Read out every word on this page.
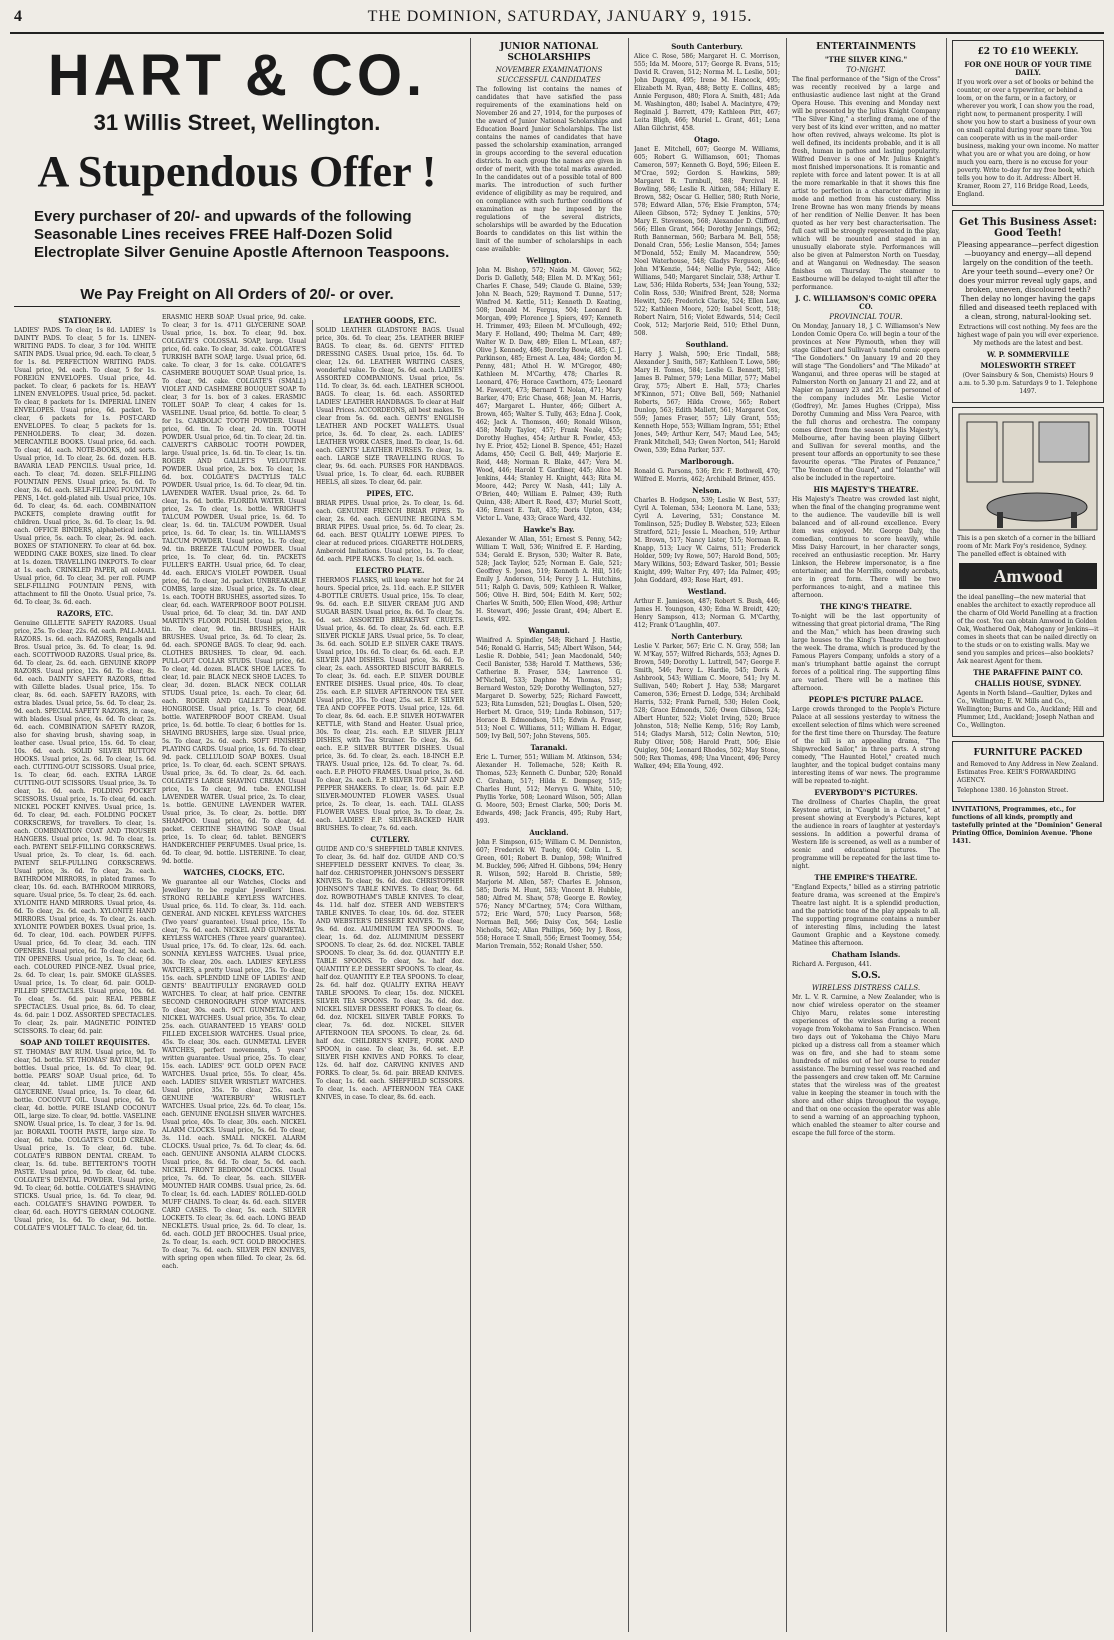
4	THE DOMINION, SATURDAY, JANUARY 9, 1915.
HART & CO.
31 Willis Street, Wellington.
A Stupendous Offer !
Every purchaser of 20/- and upwards of the following Seasonable Lines receives FREE Half-Dozen Solid Electroplate Silver Genuine Apostle Afternoon Teaspoons.
We Pay Freight on All Orders of 20/- or over.
STATIONERY.

LADIES' PADS. To clear, 1s 8d. LADIES' 1s DAINTY PADS. To clear, 5 for 1s. LINEN-WRITING PADS. To clear, 3 for 10d. WHITE SATIN PADS. Usual price, 9d. each. To clear, 5 for 1s. 8d. PERFECTION WRITING PADS. Usual price, 9d. each. To clear, 5 for 1s. FOREIGN ENVELOPES. Usual price, 4d. packet. To clear, 6 packets for 1s. HEAVY LINEN ENVELOPES. Usual price, 5d. packet. To clear, 8 packets for 1s. IMPERIAL LINEN ENVELOPES. Usual price, 6d. packet. To clear, 6 packets for 1s. POST-CARD ENVELOPES. To clear, 5 packets for 1s. PENHOLDERS. To clear, 3d. dozen. MERCANTILE BOOKS. Usual price, 6d. each. To clear, 4d. each. NOTE-BOOKS, odd sorts. Usual price, 1d. To clear, 2s. 6d. dozen. H.B. BAVARIA LEAD PENCILS. Usual price, 1d. each. To clear, 7d. dozen. SELF-FILLING FOUNTAIN PENS. Usual price, 5s. 6d. To clear, 3s. 6d. each. SELF-FILLING FOUNTAIN PENS, 14ct. gold-plated nib. Usual price, 10s. 6d. To clear, 4s. 6d. each. COMBINATION PACKETS, complete drawing outfit for children. Usual price, 3s. 6d. To clear, 1s. 9d. each. OFFICE BINDERS, alphabetical index. Usual price, 5s. each. To clear, 2s. 9d. each. BOXES OF STATIONERY. To clear at 6d. box. WEDDING CAKE BOXES, size lined. To clear at 1s. dozen. TRAVELLING INKPOTS. To clear at 1s. each. CRINKLED PAPER, all colours. Usual price, 6d. To clear, 3d. per roll. PUMP SELF-FILLING FOUNTAIN PENS, with attachment to fill the Onoto. Usual price, 7s. 6d. To clear, 3s. 6d. each.

RAZORS, ETC.

Genuine GILLETTE SAFETY RAZORS. Usual price, 25s. To clear, 22s. 6d. each. PALL-MALL RAZORS. 1s. 6d. each. RAZORS, Rengalls and Bros. Usual price, 3s. 6d. To clear, 1s. 9d. each. SCOTTWOOD RAZORS. Usual price, 8s. 6d. To clear, 2s. 6d. each. GENUINE KROPP RAZORS. Usual price, 12s. 6d. To clear, 8s. 6d. each. DAINTY SAFETY RAZORS, fitted with Gillette blades. Usual price, 15s. To clear, 8s. 6d. each. SAFETY RAZORS, with extra blades. Usual price, 5s. 6d. To clear, 2s. 9d. each. SPECIAL SAFETY RAZORS, in case, with blades. Usual price, 4s. 6d. To clear, 2s. 6d. each. COMBINATION SAFETY RAZOR, also for shaving brush, shaving soap, in leather case. Usual price, 15s. 6d. To clear, 10s. 6d. each. SOLID SILVER BUTTON HOOKS. Usual price, 2s. 6d. To clear, 1s. 6d. each. CUTTING-OUT SCISSORS. Usual price, 1s. To clear, 6d. each. EXTRA LARGE CUTTING-OUT SCISSORS. Usual price, 3s. To clear, 1s. 6d. each. FOLDING POCKET SCISSORS. Usual price, 1s. To clear, 6d. each. NICKEL POCKET KNIVES. Usual price, 1s. 6d. To clear, 9d. each. FOLDING POCKET CORKSCREWS, for travellers. To clear, 1s. each. COMBINATION COAT AND TROUSER HANGERS. Usual price, 1s. 9d. To clear, 1s. each. PATENT SELF-FILLING CORKSCREWS. Usual price, 2s. To clear, 1s. 6d. each. PATENT SELF-PULLING CORKSCREWS. Usual price, 3s. 6d. To clear, 2s. each. BATHROOM MIRRORS, in plated frames. To clear, 10s. 6d. each. BATHROOM MIRRORS, square. Usual price, 5s. To clear, 2s. 6d. each. XYLONITE HAND MIRRORS. Usual price, 4s. 6d. To clear, 2s. 6d. each. XYLONITE HAND MIRRORS. Usual price, 4s. To clear, 2s. each. XYLONITE POWDER BOXES. Usual price, 1s. 6d. To clear, 10d. each. POWDER PUFFS. Usual price, 6d. To clear, 3d. each. TIN OPENERS. Usual price, 6d. To clear, 3d. each. TIN OPENERS. Usual price, 1s. To clear, 6d. each. COLOURED PINCE-NEZ. Usual price, 2s. 6d. To clear, 1s. pair. SMOKE GLASSES. Usual price, 1s. To clear, 6d. pair. GOLD-FILLED SPECTACLES. Usual price, 10s. 6d. To clear, 5s. 6d. pair. REAL PEBBLE SPECTACLES. Usual price, 8s. 6d. To clear, 4s. 6d. pair. 1 DOZ. ASSORTED SPECTACLES. To clear, 2s. pair. MAGNETIC POINTED SCISSORS. To clear, 6d. pair.

SOAP AND TOILET REQUISITES.

ST. THOMAS' BAY RUM. Usual price, 9d. To clear, 5d. bottle. ST. THOMAS' BAY RUM, 1pt. bottles. Usual price, 1s. 6d. To clear, 9d. bottle. PEARS' SOAP. Usual price, 6d. To clear, 4d. tablet. LIME JUICE AND GLYCERINE. Usual price, 1s. To clear, 6d. bottle. COCONUT OIL. Usual price, 6d. To clear, 4d. bottle. PURE ISLAND COCONUT OIL, large size. To clear, 9d. bottle. VASELINE SNOW. Usual price, 1s. To clear, 3 for 1s. 9d. jar. BORAXIL TOOTH PASTE, large size. To clear, 6d. tube. COLGATE'S COLD CREAM. Usual price, 1s. To clear, 6d. tube. COLGATE'S RIBBON DENTAL CREAM. To clear, 1s. 6d. tube. BETTERTON'S TOOTH PASTE. Usual price, 9d. To clear, 6d. tube. COLGATE'S DENTAL POWDER. Usual price, 9d. To clear, 6d. bottle. COLGATE'S SHAVING STICKS. Usual price, 1s. 6d. To clear, 9d. each. COLGATE'S SHAVING POWDER. To clear, 6d. each. HOYT'S GERMAN COLOGNE. Usual price, 1s. 6d. To clear, 9d. bottle. COLGATE'S VIOLET TALC. To clear, 6d. tin.

ERASMIC HERB SOAP. Usual price, 9d. cake. To clear, 3 for 1s. 4711 GLYCERINE SOAP. Usual price, 1s. box. To clear, 9d. box. COLGATE'S COLOSSAL SOAP, large. Usual price, 6d. cake. To clear, 3d. cake. COLGATE'S TURKISH BATH SOAP, large. Usual price, 6d. cake. To clear, 3 for 1s. cake. COLGATE'S CASHMERE BOUQUET SOAP. Usual price, 1s. To clear, 9d. cake. COLGATE'S (SMALL) VIOLET AND CASHMERE BOUQUET SOAP. To clear, 3 for 1s. box of 3 cakes. ERASMIC TOILET SOAP. To clear, 4 cakes for 1s. VASELINE. Usual price, 6d. bottle. To clear, 5 for 1s. CARBOLIC TOOTH POWDER. Usual price, 6d. tin. To clear, 2d. tin. TOOTH POWDER. Usual price, 6d. tin. To clear, 2d. tin. CALVERT'S CARBOLIC TOOTH POWDER, large. Usual price, 1s. 6d. tin. To clear, 1s. tin. ROGER AND GALLET'S VELOUTINE POWDER. Usual price, 2s. box. To clear, 1s. 6d. box. COLGATE'S DACTYLIS TALC POWDER. Usual price, 1s. 6d. To clear, 9d. tin. LAVENDER WATER. Usual price, 2s. 6d. To clear, 1s. 6d. bottle. FLORIDA WATER. Usual price, 2s. To clear, 1s. bottle. WRIGHT'S TALCUM POWDER. Usual price, 1s. 6d. To clear, 1s. 6d. tin. TALCUM POWDER. Usual price, 1s. 6d. To clear, 1s. tin. WILLIAMS'S TALCUM POWDER. Usual price, 1s. To clear, 9d. tin. BREEZE TALCUM POWDER. Usual price, 1s. To clear, 6d. tin. PACKETS FULLER'S EARTH. Usual price, 6d. To clear, 4d. each. ERICA'S VIOLET POWDER. Usual price, 6d. To clear, 3d. packet. UNBREAKABLE COMBS, large size. Usual price, 2s. To clear, 1s. each. TOOTH BRUSHES, assorted sizes. To clear, 6d. each. WATERPROOF BOOT POLISH. Usual price, 6d. To clear, 3d. tin. DAY AND MARTIN'S FLOOR POLISH. Usual price, 1s. tin. To clear, 9d. tin. BRUSHES, HAIR BRUSHES. Usual price, 3s. 6d. To clear, 2s. 6d. each. SPONGE BAGS. To clear, 9d. each. CLOTHES BRUSHES. To clear, 9d. each. PULL-OUT COLLAR STUDS. Usual price, 6d. To clear, 4d. dozen. BLACK SHOE LACES. To clear, 1d. pair. BLACK NECK SHOE LACES. To clear, 3d. dozen. BLACK NECK COLLAR STUDS. Usual price, 1s. each. To clear, 6d. each. ROGER AND GALLET'S POMADE HONGROISE. Usual price, 1s. To clear, 6d. bottle. WATERPROOF BOOT CREAM. Usual price, 1s. 6d. bottle. To clear, 6 bottles for 1s. SHAVING BRUSHES, large size. Usual price, 5s. To clear, 2s. 6d. each. SOFT FINISHED PLAYING CARDS. Usual price, 1s. 6d. To clear, 9d. pack. CELLULOID SOAP BOXES. Usual price, 1s. To clear, 6d. each. SCENT SPRAYS. Usual price, 3s. 6d. To clear, 2s. 6d. each. COLGATE'S LARGE SHAVING CREAM. Usual price, 1s. To clear, 9d. tube. ENGLISH LAVENDER WATER. Usual price, 2s. To clear, 1s. bottle. GENUINE LAVENDER WATER. Usual price, 3s. To clear, 2s. bottle. DRY SHAMPOO. Usual price, 6d. To clear, 4d. packet. CERTINE SHAVING SOAP. Usual price, 1s. To clear, 6d. tablet. BENGER'S HANDKERCHIEF PERFUMES. Usual price, 1s. 6d. To clear, 9d. bottle. LISTERINE. To clear, 9d. bottle.

WATCHES, CLOCKS, ETC.

We guarantee all our Watches, Clocks and Jewellery to be regular Jewellers' lines. STRONG RELIABLE KEYLESS WATCHES. Usual price, 6s. 11d. To clear, 3s. 11d. each. GENERAL AND NICKEL KEYLESS WATCHES (Two years' guarantee). Usual price, 15s. To clear, 7s. 6d. each. NICKEL AND GUNMETAL KEYLESS WATCHES (Three years' guarantee). Usual price, 17s. 6d. To clear, 12s. 6d. each. SONNIA KEYLESS WATCHES. Usual price, 30s. To clear, 20s. each. LADIES' KEYLESS WATCHES, a pretty Usual price, 25s. To clear, 15s. each. SPLENDID LINE OF LADIES' AND GENTS' BEAUTIFULLY ENGRAVED GOLD WATCHES. To clear, at half price. CENTRE SECOND CHRONOGRAPH STOP WATCHES. To clear, 30s. each. 9CT. GUNMETAL AND NICKEL WATCHES. Usual price, 35s. To clear, 25s. each. GUARANTEED 15 YEARS' GOLD FILLED EXCELSIOR WATCHES. Usual price, 45s. To clear, 30s. each. GUNMETAL LEVER WATCHES, perfect movements, 5 years' written guarantee. Usual price, 25s. To clear, 15s. each. LADIES' 9CT. GOLD OPEN FACE WATCHES. Usual price, 55s. To clear, 45s. each. LADIES' SILVER WRISTLET WATCHES. Usual price, 35s. To clear, 25s. each. GENUINE 'WATERBURY' WRISTLET WATCHES. Usual price, 22s. 6d. To clear, 15s. each. GENUINE ENGLISH SILVER WATCHES. Usual price, 40s. To clear, 30s. each. NICKEL ALARM CLOCKS. Usual price, 5s. 6d. To clear, 3s. 11d. each. SMALL NICKEL ALARM CLOCKS. Usual price, 7s. 6d. To clear, 4s. 6d. each. GENUINE ANSONIA ALARM CLOCKS. Usual price, 8s. 6d. To clear, 5s. 6d. each. NICKEL FRONT BEDROOM CLOCKS. Usual price, 7s. 6d. To clear, 5s. each. SILVER-MOUNTED HAIR COMBS. Usual price, 2s. 6d. To clear, 1s. 6d. each. LADIES' ROLLED-GOLD MUFF CHAINS. To clear, 4s. 6d. each. SILVER CARD CASES. To clear, 5s. each. SILVER LOCKETS. To clear, 3s. 6d. each. LONG BEAD NECKLETS. Usual price, 2s. 6d. To clear, 1s. 6d. each. GOLD JET BROOCHES. Usual price, 2s. To clear, 1s. each. 9CT. GOLD BROOCHES. To clear, 7s. 6d. each. SILVER PEN KNIVES, with spring open when filled. To clear, 2s. 6d. each.

LEATHER GOODS, ETC.

SOLID LEATHER GLADSTONE BAGS. Usual price, 30s. 6d. To clear, 25s. LEATHER BRIEF BAGS. To clear, 8s. 6d. GENTS' FITTED DRESSING CASES. Usual price, 15s. 6d. To clear, 12s. 6d. LEATHER WRITING CASES, wonderful value. To clear, 5s. 6d. each. LADIES' ASSORTED COMPANIONS. Usual price, 5s. 11d. To clear, 3s. 6d. each. LEATHER SCHOOL BAGS. To clear, 1s. 6d. each. ASSORTED LADIES' LEATHER HANDBAGS. To clear at Half Usual Prices. ACCORDEONS, all best makes. To clear from 5s. 6d. each. GENTS' ENGLISH LEATHER AND POCKET WALLETS. Usual price, 3s. 6d. To clear, 2s. each. LADIES' LEATHER WORK CASES, lined. To clear, 1s. 6d. each. GENTS' LEATHER PURSES. To clear, 1s. each. LARGE SIZE TRAVELLING RUGS. To clear, 9s. 6d. each. PURSES FOR HANDBAGS. Usual price, 1s. To clear, 6d. each. RUBBER HEELS, all sizes. To clear, 6d. pair.

PIPES, ETC.

BRIAR PIPES. Usual price, 2s. To clear, 1s. 6d. each. GENUINE FRENCH BRIAR PIPES. To clear, 2s. 6d. each. GENUINE REGINA S.M. BRIAR PIPES. Usual price, 5s. 6d. To clear, 2s. 6d. each. BEST QUALITY LOEWE PIPES. To clear at reduced prices. CIGARETTE HOLDERS, Amberoid Imitations. Usual price, 1s. To clear, 6d. each. PIPE RACKS. To clear, 1s. 6d. each.

ELECTRO PLATE.

THERMOS FLASKS, will keep water hot for 24 hours. Special price, 2s. 11d. each. E.P. SILVER 4-BOTTLE CRUETS. Usual price, 15s. To clear, 9s. 6d. each. E.P. SILVER CREAM JUG AND SUGAR BASIN. Usual price, 8s. 6d. To clear, 5s. 6d. set. ASSORTED BREAKFAST CRUETS. Usual price, 4s. 6d. To clear, 2s. 6d. each. E.P. SILVER PICKLE JARS. Usual price, 5s. To clear, 3s. 6d. each. SOLID E.P. SILVER CAKE TRAYS. Usual price, 10s. 6d. To clear, 6s. 6d. each. E.P. SILVER JAM DISHES. Usual price, 3s. 6d. To clear, 2s. each. ASSORTED BISCUIT BARRELS. To clear, 3s. 6d. each. E.P. SILVER DOUBLE ENTREE DISHES. Usual price, 40s. To clear, 25s. each. E.P. SILVER AFTERNOON TEA SET. Usual price, 35s. To clear, 25s. set. E.P. SILVER TEA AND COFFEE POTS. Usual price, 12s. 6d. To clear, 8s. 6d. each. E.P. SILVER HOT-WATER KETTLE, with Stand and Heater. Usual price, 30s. To clear, 21s. each. E.P. SILVER JELLY DISHES, with Tea Strainer. To clear, 3s. 6d. each. E.P. SILVER BUTTER DISHES. Usual price, 3s. 6d. To clear, 2s. each. 18-INCH E.P. TRAYS. Usual price, 12s. 6d. To clear, 7s. 6d. each. E.P. PHOTO FRAMES. Usual price, 3s. 6d. To clear, 2s. each. E.P. SILVER TOP SALT AND PEPPER SHAKERS. To clear, 1s. 6d. pair. E.P. SILVER-MOUNTED FLOWER VASES. Usual price, 2s. To clear, 1s. each. TALL GLASS FLOWER VASES. Usual price, 3s. To clear, 2s. each. LADIES' E.P. SILVER-BACKED HAIR BRUSHES. To clear, 7s. 6d. each.

CUTLERY.

GUIDE AND CO.'S SHEFFIELD TABLE KNIVES. To clear, 3s. 6d. half doz. GUIDE AND CO.'S SHEFFIELD DESSERT KNIVES. To clear, 3s. half doz. CHRISTOPHER JOHNSON'S DESSERT KNIVES. To clear, 9s. 6d. doz. CHRISTOPHER JOHNSON'S TABLE KNIVES. To clear, 9s. 6d. doz. ROWBOTHAM'S TABLE KNIVES. To clear, 4s. 11d. half doz. STEER AND WEBSTER'S TABLE KNIVES. To clear, 10s. 6d. doz. STEER AND WEBSTER'S DESSERT KNIVES. To clear, 9s. 6d. doz. ALUMINIUM TEA SPOONS. To clear, 1s. 6d. doz. ALUMINIUM DESSERT SPOONS. To clear, 2s. 6d. doz. NICKEL TABLE SPOONS. To clear, 3s. 6d. doz. QUANTITY E.P. TABLE SPOONS. To clear, 5s. half doz. QUANTITY E.P. DESSERT SPOONS. To clear, 4s. half doz. QUANTITY E.P. TEA SPOONS. To clear, 2s. 6d. half doz. QUALITY EXTRA HEAVY TABLE SPOONS. To clear, 15s. doz. NICKEL SILVER TEA SPOONS. To clear, 3s. 6d. doz. NICKEL SILVER DESSERT FORKS. To clear, 6s. 6d. doz. NICKEL SILVER TABLE FORKS. To clear, 7s. 6d. doz. NICKEL SILVER AFTERNOON TEA SPOONS. To clear, 2s. 6d. half doz. CHILDREN'S KNIFE, FORK AND SPOON, in case. To clear, 3s. 6d. set. E.P. SILVER FISH KNIVES AND FORKS. To clear, 12s. 6d. half doz. CARVING KNIVES AND FORKS. To clear, 5s. 6d. pair. BREAD KNIVES. To clear, 1s. 6d. each. SHEFFIELD SCISSORS. To clear, 1s. each. AFTERNOON TEA CAKE KNIVES, in case. To clear, 8s. 6d. each.

JUNIOR NATIONAL SCHOLARSHIPS
NOVEMBER EXAMINATIONS
SUCCESSFUL CANDIDATES

The following list contains the names of candidates that have satisfied the pass requirements of the examinations held on November 26 and 27, 1914, for the purposes of the award of Junior National Scholarships and Education Board Junior Scholarships. The list contains the names of candidates that have passed the scholarship examination, arranged in groups according to the several education districts. In each group the names are given in order of merit, with the total marks awarded. In the candidates out of a possible total of 800 marks. The introduction of such further evidence of eligibility as may be required, and on compliance with such further conditions of examination as may be imposed by the regulations of the several districts, scholarships will be awarded by the Education Boards to candidates on this list within the limit of the number of scholarships in each case available:

Wellington.

John M. Bishop, 572; Naida M. Glover, 562; Doris D. Galletly, 548; Ellen M. D. M'Kay, 561; Charles F. Chase, 549; Claude G. Blaine, 539; John N. Beach, 529; Raymond T. Dunne, 517; Winfred M. Kettle, 511; Kenneth D. Keating, 508; Donald M. Fergus, 504; Leonard R. Morgan, 499; Florence J. Spiers, 497; Kenneth H. Trimmer, 493; Eileen M. M'Cullough, 492; Mary F. Holland, 490; Thelma M. Carr, 489; Walter W. D. Daw, 489; Ellen L. M'Lean, 487; Olive J. Kennedy, 486; Dorothy Bowie, 485; C. J. Parkinson, 485; Ernest A. Lea, 484; Gordon M. Penny, 481; Athol H. W. M'Gregor, 480; Kathleen M. M'Carthy, 478; Charles R. Leonard, 476; Horace Cawthorn, 475; Leonard M. Fawcett, 473; Bernard T. Nolan, 471; Mary Barker, 470; Eric Chase, 468; Jean M. Harris, 467; Margaret L. Hunter, 466; Gilbert A. Brown, 465; Walter S. Tully, 463; Edna J. Cook, 462; Jack A. Thomson, 460; Ronald Wilson, 458; Molly Taylor, 457; Frank Neale, 455; Dorothy Hughes, 454; Arthur R. Fowler, 453; Ivy E. Prior, 452; Lionel B. Spence, 451; Hazel Adams, 450; Cecil G. Bell, 449; Marjorie E. Reid, 448; Norman R. Blake, 447; Vera M. Wood, 446; Harold T. Gardiner, 445; Alice M. Jenkins, 444; Stanley H. Knight, 443; Rita M. Moore, 442; Percy W. Nash, 441; Lily A. O'Brien, 440; William E. Palmer, 439; Ruth Quinn, 438; Albert R. Reed, 437; Muriel Scott, 436; Ernest E. Tait, 435; Doris Upton, 434; Victor L. Vane, 433; Grace Ward, 432.

Hawke's Bay.

Alexander W. Allan, 551; Ernest S. Penny, 542; William T. Wall, 536; Winifred E. F. Harding, 534; Gerald E. Bryson, 530; Walter R. Bate, 528; Jack Taylor, 525; Norman E. Gale, 521; Geoffrey S. Jones, 519; Kenneth A. Hill, 516; Emily J. Anderson, 514; Percy J. L. Hutchins, 511; Ralph G. Davis, 509; Kathleen R. Walker, 506; Olive H. Bird, 504; Edith M. Kerr, 502; Charles W. Smith, 500; Ellen Wood, 498; Arthur H. Stewart, 496; Jessie Grant, 494; Albert E. Lewis, 492.

Wanganui.

Winifred A. Spindler, 548; Richard J. Hastie, 546; Ronald G. Harris, 545; Albert Wilson, 544; Leslie R. Dobbie, 541; Jean Macdonald, 540; Cecil Banister, 538; Harold T. Matthews, 536; Catherine B. Fraser, 534; Lawrence G. M'Nicholl, 533; Daphne M. Thomas, 531; Bernard Weston, 529; Dorothy Wellington, 527; Margaret D. Sowerby, 525; Richard Fawcett, 523; Rita Lumsden, 521; Douglas L. Olsen, 520; Herbert M. Grace, 519; Linda Robinson, 517; Horace B. Edmondson, 515; Edwin A. Fraser, 513; Noel C. Williams, 511; William H. Edgar, 509; Ivy Bell, 507; John Stevens, 505.

Taranaki.

Eric L. Turner, 551; William M. Atkinson, 534; Alexander H. Tollemache, 528; Keith R. Thomas, 523; Kenneth C. Dunbar, 520; Ronald C. Graham, 517; Hilda E. Dempsey, 515; Charles Hunt, 512; Mervyn G. White, 510; Phyllis Yorke, 508; Leonard Wilson, 505; Allan G. Moore, 503; Ernest Clarke, 500; Doris M. Edwards, 498; Jack Francis, 495; Ruby Hart, 493.

Auckland.

John F. Simpson, 615; William C. M. Denniston, 607; Frederick W. Tuohy, 604; Colin L. S. Green, 601; Robert B. Dunlop, 598; Winifred M. Buckley, 596; Alfred H. Gibbons, 594; Henry R. Wilson, 592; Harold B. Christie, 589; Marjorie M. Allen, 587; Charles E. Johnson, 585; Doris M. Hunt, 583; Vincent B. Hubble, 580; Alfred M. Shaw, 578; George E. Rowley, 576; Nancy M'Cartney, 574; Cora Wiltham, 572; Eric Ward, 570; Lucy Pearson, 568; Norman Bell, 566; Daisy Cox, 564; Leslie Nicholls, 562; Allan Phillips, 560; Ivy J. Ross, 558; Horace T. Small, 556; Ernest Toomey, 554; Marion Tremain, 552; Ronald Usher, 550.

South Canterbury.

Alice C. Rose, 586; Margaret H. C. Morrison, 555; Ida M. Moore, 517; George R. Evans, 515; David R. Craven, 512; Norma M. L. Leslie, 501; John Duggan, 495; Irene M. Hancock, 495; Elizabeth M. Ryan, 488; Betty E. Collins, 485; Annie Ferguson, 480; Flora A. Smith, 481; Ada M. Washington, 480; Isabel A. Macintyre, 479; Reginald J. Barrett, 479; Kathleen Pitt, 467; Leita Bligh, 466; Muriel L. Grant, 461; Lena Allan Gilchrist, 458.

Otago.

Janet E. Mitchell, 607; George M. Williams, 605; Robert G. Williamson, 601; Thomas Cameron, 597; Kenneth G. Boyd, 596; Eileen E. M'Crae, 592; Gordon S. Hawkins, 589; Margaret R. Turnbull, 588; Percival H. Bowling, 586; Leslie R. Aitken, 584; Hillary E. Brown, 582; Oscar G. Hellier, 580; Ruth Norie, 578; Edward Allan, 576; Elsie Frampton, 574; Aileen Gibson, 572; Sydney T. Jenkins, 570; Mary E. Stevenson, 568; Alexander D. Clifford, 566; Ellen Grant, 564; Dorothy Jennings, 562; Ruth Bannerman, 560; Barbara M. Bell, 558; Donald Cran, 556; Leslie Manson, 554; James M'Donald, 552; Emily M. Macandrew, 550; Noel Waterhouse, 548; Gladys Ferguson, 546; John M'Kenzie, 544; Nellie Pyle, 542; Alice Williams, 540; Margaret Sinclair, 538; Arthur T. Law, 536; Hilda Roberts, 534; Jean Young, 532; Colin Ross, 530; Winifred Brent, 528; Norma Hewitt, 526; Frederick Clarke, 524; Ellen Law, 522; Kathleen Moore, 520; Isabel Scott, 518; Robert Nairn, 516; Violet Edwards, 514; Cecil Cook, 512; Marjorie Reid, 510; Ethel Dunn, 508.

Southland.

Harry J. Walsh, 590; Eric Tindall, 588; Alexander J. Smith, 587; Kathleen T. Lowe, 586; Mary H. Tomes, 584; Leslie G. Bennett, 581; James B. Palmer, 579; Lena Millar, 577; Mabel Gray, 575; Albert E. Hall, 573; Charles M'Kinnon, 571; Olive Bell, 569; Nathaniel Roberts, 567; Hilda Crowe, 565; Robert Dunlop, 563; Edith Mallett, 561; Margaret Cox, 559; James Fraser, 557; Lily Grant, 555; Kenneth Hope, 553; William Ingram, 551; Ethel Jones, 549; Arthur Kerr, 547; Maud Lee, 545; Frank Mitchell, 543; Gwen Norton, 541; Harold Owen, 539; Edna Parker, 537.

Marlborough.

Ronald G. Parsons, 536; Eric F. Bothwell, 470; Wilfred E. Morris, 462; Archibald Brimer, 455.

Nelson.

Charles B. Hodgson, 539; Leslie W. Best, 537; Cyril A. Toleman, 534; Leonora M. Lane, 533; Cyril A. Levering, 531; Constance M. Tomlinson, 525; Dudley B. Webster, 523; Eileen Stratford, 521; Jessie L. Meachen, 519; Arthur M. Brown, 517; Nancy Lister, 515; Norman R. Knapp, 513; Lucy W. Cairns, 511; Frederick Holder, 509; Ivy Rowe, 507; Harold Bond, 505; Mary Wilkins, 503; Edward Tasker, 501; Bessie Knight, 499; Walter Fry, 497; Ida Palmer, 495; John Goddard, 493; Rose Hart, 491.

Westland.

Arthur E. Jamieson, 487; Robert S. Bush, 446; James H. Youngson, 430; Edna W. Breidt, 420; Henry Sampson, 413; Norman G. M'Carthy, 412; Frank O'Laughlin, 407.

North Canterbury.

Leslie V. Parker, 567; Eric C. N. Gray, 558; Ian W. M'Kay, 557; Wilfred Richards, 553; Agnes D. Brown, 549; Dorothy L. Luttrell, 547; George F. Smith, 546; Percy L. Hardie, 545; Doris A. Ashbrook, 543; William C. Moore, 541; Ivy M. Sullivan, 540; Robert J. Hay, 538; Margaret Cameron, 536; Ernest D. Lodge, 534; Archibald Harris, 532; Frank Parnell, 530; Helen Cook, 528; Grace Edmonds, 526; Owen Gibson, 524; Albert Hunter, 522; Violet Irving, 520; Bruce Johnston, 518; Nellie Kemp, 516; Roy Lamb, 514; Gladys Marsh, 512; Colin Newton, 510; Ruby Oliver, 508; Harold Pratt, 506; Elsie Quigley, 504; Leonard Rhodes, 502; May Stone, 500; Rex Thomas, 498; Una Vincent, 496; Percy Walker, 494; Ella Young, 492.

ENTERTAINMENTS
"THE SILVER KING."
TO-NIGHT.

The final performance of the "Sign of the Cross" was recently received by a large and enthusiastic audience last night at the Grand Opera House. This evening and Monday next will be presented by the Julius Knight Company "The Silver King," a sterling drama, one of the very best of its kind ever written, and no matter how often revived, always welcome. Its plot is well defined, its incidents probable, and it is all fresh, human in pathos and lasting popularity. Wilfred Denver is one of Mr. Julius Knight's most finished impersonations. It is romantic and replete with force and latent power. It is at all the more remarkable in that it shows this fine artist to perfection in a character differing in mode and method from his customary. Miss Irene Browne has won many friends by means of her rendition of Nellie Denver. It has been quoted as her very best characterisation. The full cast will be strongly represented in the play, which will be mounted and staged in an unusually elaborate style. Performances will also be given at Palmerston North on Tuesday, and at Wanganui on Wednesday. The season finishes on Thursday. The steamer to Eastbourne will be delayed to-night till after the performance.

J. C. WILLIAMSON'S COMIC OPERA CO.
PROVINCIAL TOUR.

On Monday, January 18, J. C. Williamson's New London Comic Opera Co. will begin a tour of the provinces at New Plymouth, when they will stage Gilbert and Sullivan's tuneful comic opera "The Gondoliers." On January 19 and 20 they will stage "The Gondoliers" and "The Mikado" at Wanganui, and three operas will be staged at Palmerston North on January 21 and 22, and at Napier on January 23 and 25. The personnel of the company includes Mr. Leslie Victor (Godfrey), Mr. James Hughes (Crippa), Miss Dorothy Cumming and Miss Vera Pearce, with the full chorus and orchestra. The company comes direct from the season at His Majesty's, Melbourne, after having been playing Gilbert and Sullivan for several months, and the present tour affords an opportunity to see these favourite operas. "The Pirates of Penzance," "The Yeomen of the Guard," and "Iolanthe" will also be included in the repertoire.

HIS MAJESTY'S THEATRE.

His Majesty's Theatre was crowded last night, when the final of the changing programme went to the audience. The vaudeville bill is well balanced and of all-round excellence. Every item was enjoyed. Mr. George Daly, the comedian, continues to score heavily, while Miss Daisy Harcourt, in her character songs, received an enthusiastic reception. Mr. Harry Linkson, the Hebrew impersonator, is a fine entertainer, and the Merrills, comedy acrobats, are in great form. There will be two performances to-night, and a matinee this afternoon.

THE KING'S THEATRE.

To-night will be the last opportunity of witnessing that great pictorial drama, "The Ring and the Man," which has been drawing such large houses to the King's Theatre throughout the week. The drama, which is produced by the Famous Players Company, unfolds a story of a man's triumphant battle against the corrupt forces of a political ring. The supporting films are varied. There will be a matinee this afternoon.

PEOPLE'S PICTURE PALACE.

Large crowds thronged to the People's Picture Palace at all sessions yesterday to witness the excellent selection of films which were screened for the first time there on Thursday. The feature of the bill is an appealing drama, "The Shipwrecked Sailor," in three parts. A strong comedy, "The Haunted Hotel," created much laughter, and the topical budget contains many interesting items of war news. The programme will be repeated to-night.

EVERYBODY'S PICTURES.

The drollness of Charles Chaplin, the great Keystone artist, in "Caught in a Cabaret," at present showing at Everybody's Pictures, kept the audience in roars of laughter at yesterday's sessions. In addition a powerful drama of Western life is screened, as well as a number of scenic and educational pictures. The programme will be repeated for the last time to-night.

THE EMPIRE'S THEATRE.

"England Expects," billed as a stirring patriotic feature drama, was screened at the Empire's Theatre last night. It is a splendid production, and the patriotic tone of the play appeals to all. The supporting programme contains a number of interesting films, including the latest Gaumont Graphic and a Keystone comedy. Matinee this afternoon.

Chatham Islands.

Richard A. Ferguson, 441.

S.O.S.
WIRELESS DISTRESS CALLS.

Mr. L. V. R. Carmine, a New Zealander, who is now chief wireless operator on the steamer Chiyo Maru, relates some interesting experiences of the wireless during a recent voyage from Yokohama to San Francisco. When two days out of Yokohama the Chiyo Maru picked up a distress call from a steamer which was on fire, and she had to steam some hundreds of miles out of her course to render assistance. The burning vessel was reached and the passengers and crew taken off. Mr. Carmine states that the wireless was of the greatest value in keeping the steamer in touch with the shore and other ships throughout the voyage, and that on one occasion the operator was able to send a warning of an approaching typhoon, which enabled the steamer to alter course and escape the full force of the storm.

£2 TO £10 WEEKLY.
FOR ONE HOUR OF YOUR TIME DAILY.

If you work over a set of books or behind the counter, or over a typewriter, or behind a loom, or on the farm, or in a factory, or wherever you work, I can show you the road, right now, to permanent prosperity. I will show you how to start a business of your own on small capital during your spare time. You can cooperate with us in the mail-order business, making your own income. No matter what you are or what you are doing, or how much you earn, there is no excuse for your poverty. Write to-day for my free book, which tells you how to do it. Address: Albert H. Kramer, Room 27, 116 Bridge Road, Leeds, England.

Get This Business Asset: Good Teeth!

Pleasing appearance—perfect digestion—buoyancy and energy—all depend largely on the condition of the teeth. Are your teeth sound—every one? Or does your mirror reveal ugly gaps, and broken, uneven, discoloured teeth? Then delay no longer having the gaps filled and diseased teeth replaced with a clean, strong, natural-looking set.

Extractions will cost nothing. My fees are the highest wage of pain you will ever experience. My methods are the latest and best.

W. P. SOMMERVILLE
MOLESWORTH STREET

(Over Sainsbury & Son, Chemists) Hours 9 a.m. to 5.30 p.m. Saturdays 9 to 1. Telephone 1497.

This is a pen sketch of a corner in the billiard room of Mr. Mark Foy's residence, Sydney. The panelled effect is obtained with

Amwood

the ideal panelling—the new material that enables the architect to exactly reproduce all the charm of Old World Panelling at a fraction of the cost. You can obtain Amwood in Golden Oak, Weathered Oak, Mahogany or Jenkins—it comes in sheets that can be nailed directly on to the studs or on to existing walls. May we send you samples and prices—also booklets? Ask nearest Agent for them.

THE PARAFFINE PAINT CO.
CHALLIS HOUSE, SYDNEY.

Agents in North Island—Gaultier, Dykes and Co., Wellington; E. W. Mills and Co., Wellington; Burns and Co., Auckland; Hill and Plummer, Ltd., Auckland; Joseph Nathan and Co., Wellington.

FURNITURE PACKED

and Removed to Any Address in New Zealand. Estimates Free. KEIR'S FORWARDING AGENCY.

Telephone 1380. 16 Johnston Street.

INVITATIONS, Programmes, etc., for functions of all kinds, promptly and tastefully printed at the "Dominion" General Printing Office, Dominion Avenue. 'Phone 1431.
